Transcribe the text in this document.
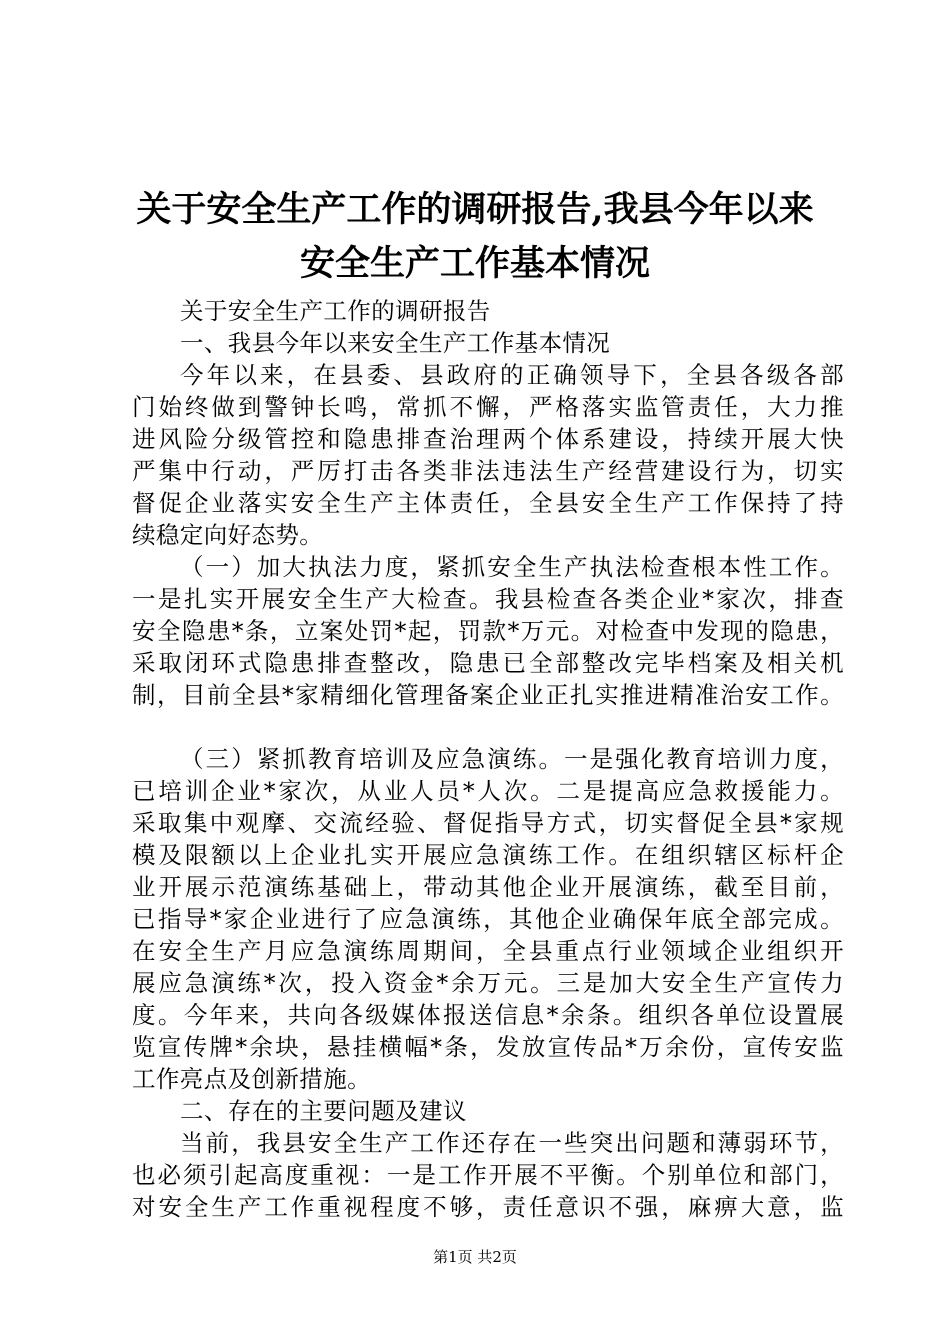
关于安全生产工作的调研报告,我县今年以来
安全生产工作基本情况
关于安全生产工作的调研报告
一、我县今年以来安全生产工作基本情况
今年以来，在县委、县政府的正确领导下，全县各级各部
门始终做到警钟长鸣，常抓不懈，严格落实监管责任，大力推
进风险分级管控和隐患排查治理两个体系建设，持续开展大快
严集中行动，严厉打击各类非法违法生产经营建设行为，切实
督促企业落实安全生产主体责任，全县安全生产工作保持了持
续稳定向好态势。
（一）加大执法力度，紧抓安全生产执法检查根本性工作。
一是扎实开展安全生产大检查。我县检查各类企业*家次，排查
安全隐患*条，立案处罚*起，罚款*万元。对检查中发现的隐患，
采取闭环式隐患排查整改，隐患已全部整改完毕档案及相关机
制，目前全县*家精细化管理备案企业正扎实推进精准治安工作。
（三）紧抓教育培训及应急演练。一是强化教育培训力度，
已培训企业*家次，从业人员*人次。二是提高应急救援能力。
采取集中观摩、交流经验、督促指导方式，切实督促全县*家规
模及限额以上企业扎实开展应急演练工作。在组织辖区标杆企
业开展示范演练基础上，带动其他企业开展演练，截至目前，
已指导*家企业进行了应急演练，其他企业确保年底全部完成。
在安全生产月应急演练周期间，全县重点行业领域企业组织开
展应急演练*次，投入资金*余万元。三是加大安全生产宣传力
度。今年来，共向各级媒体报送信息*余条。组织各单位设置展
览宣传牌*余块，悬挂横幅*条，发放宣传品*万余份，宣传安监
工作亮点及创新措施。
二、存在的主要问题及建议
当前，我县安全生产工作还存在一些突出问题和薄弱环节，
也必须引起高度重视：一是工作开展不平衡。个别单位和部门，
对安全生产工作重视程度不够，责任意识不强，麻痹大意，监
第1页 共2页
